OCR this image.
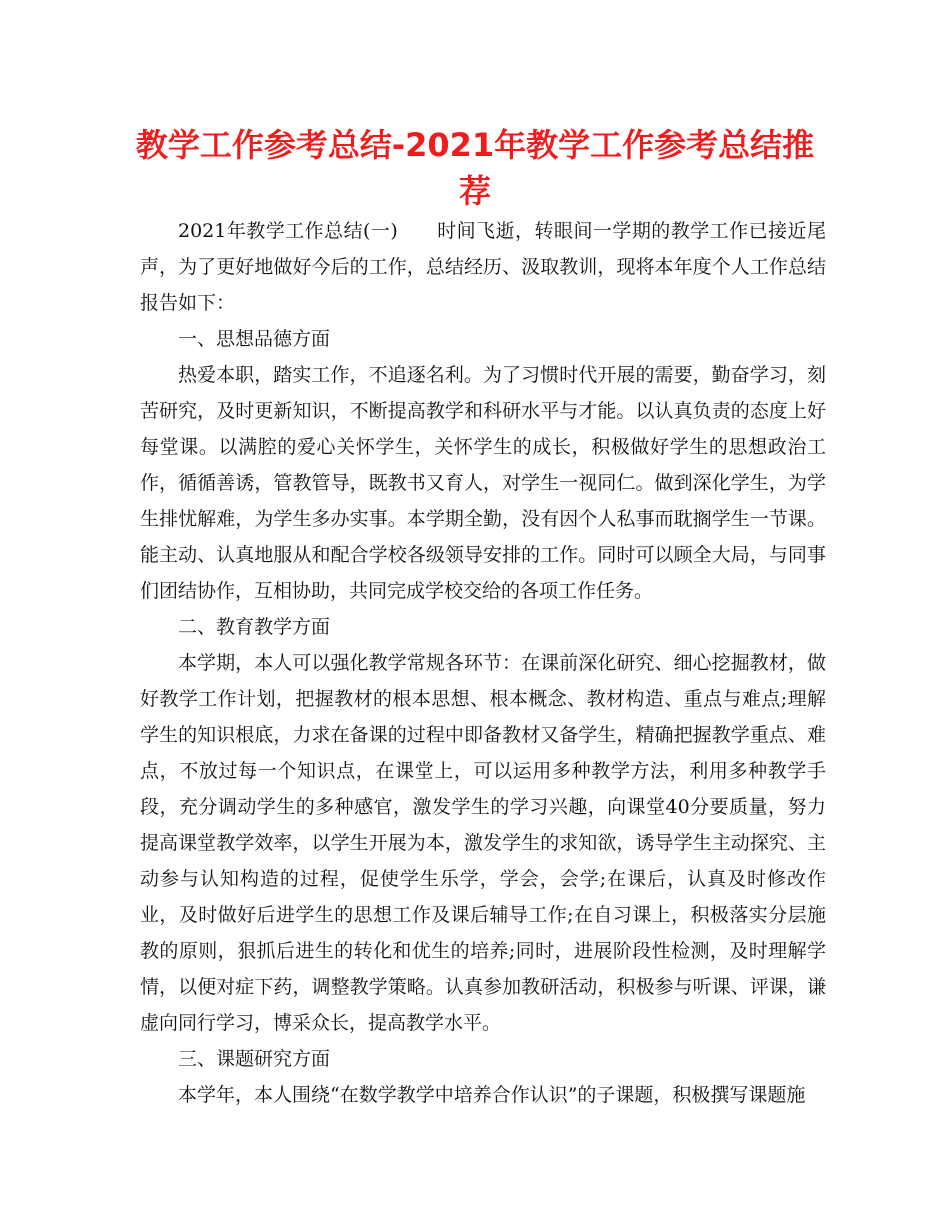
教学工作参考总结-2021年教学工作参考总结推荐

2021年教学工作总结(一)　　时间飞逝，转眼间一学期的教学工作已接近尾声，为了更好地做好今后的工作，总结经历、汲取教训，现将本年度个人工作总结报告如下：

一、思想品德方面

热爱本职，踏实工作，不追逐名利。为了习惯时代开展的需要，勤奋学习，刻苦研究，及时更新知识，不断提高教学和科研水平与才能。以认真负责的态度上好每堂课。以满腔的爱心关怀学生，关怀学生的成长，积极做好学生的思想政治工作，循循善诱，管教管导，既教书又育人，对学生一视同仁。做到深化学生，为学生排忧解难，为学生多办实事。本学期全勤，没有因个人私事而耽搁学生一节课。能主动、认真地服从和配合学校各级领导安排的工作。同时可以顾全大局，与同事们团结协作，互相协助，共同完成学校交给的各项工作任务。

二、教育教学方面

本学期，本人可以强化教学常规各环节：在课前深化研究、细心挖掘教材，做好教学工作计划，把握教材的根本思想、根本概念、教材构造、重点与难点;理解学生的知识根底，力求在备课的过程中即备教材又备学生，精确把握教学重点、难点，不放过每一个知识点，在课堂上，可以运用多种教学方法，利用多种教学手段，充分调动学生的多种感官，激发学生的学习兴趣，向课堂40分要质量，努力提高课堂教学效率，以学生开展为本，激发学生的求知欲，诱导学生主动探究、主动参与认知构造的过程，促使学生乐学，学会，会学;在课后，认真及时修改作业，及时做好后进学生的思想工作及课后辅导工作;在自习课上，积极落实分层施教的原则，狠抓后进生的转化和优生的培养;同时，进展阶段性检测，及时理解学情，以便对症下药，调整教学策略。认真参加教研活动，积极参与听课、评课，谦虚向同行学习，博采众长，提高教学水平。

三、课题研究方面

本学年，本人围绕“在数学教学中培养合作认识”的子课题，积极撰写课题施
